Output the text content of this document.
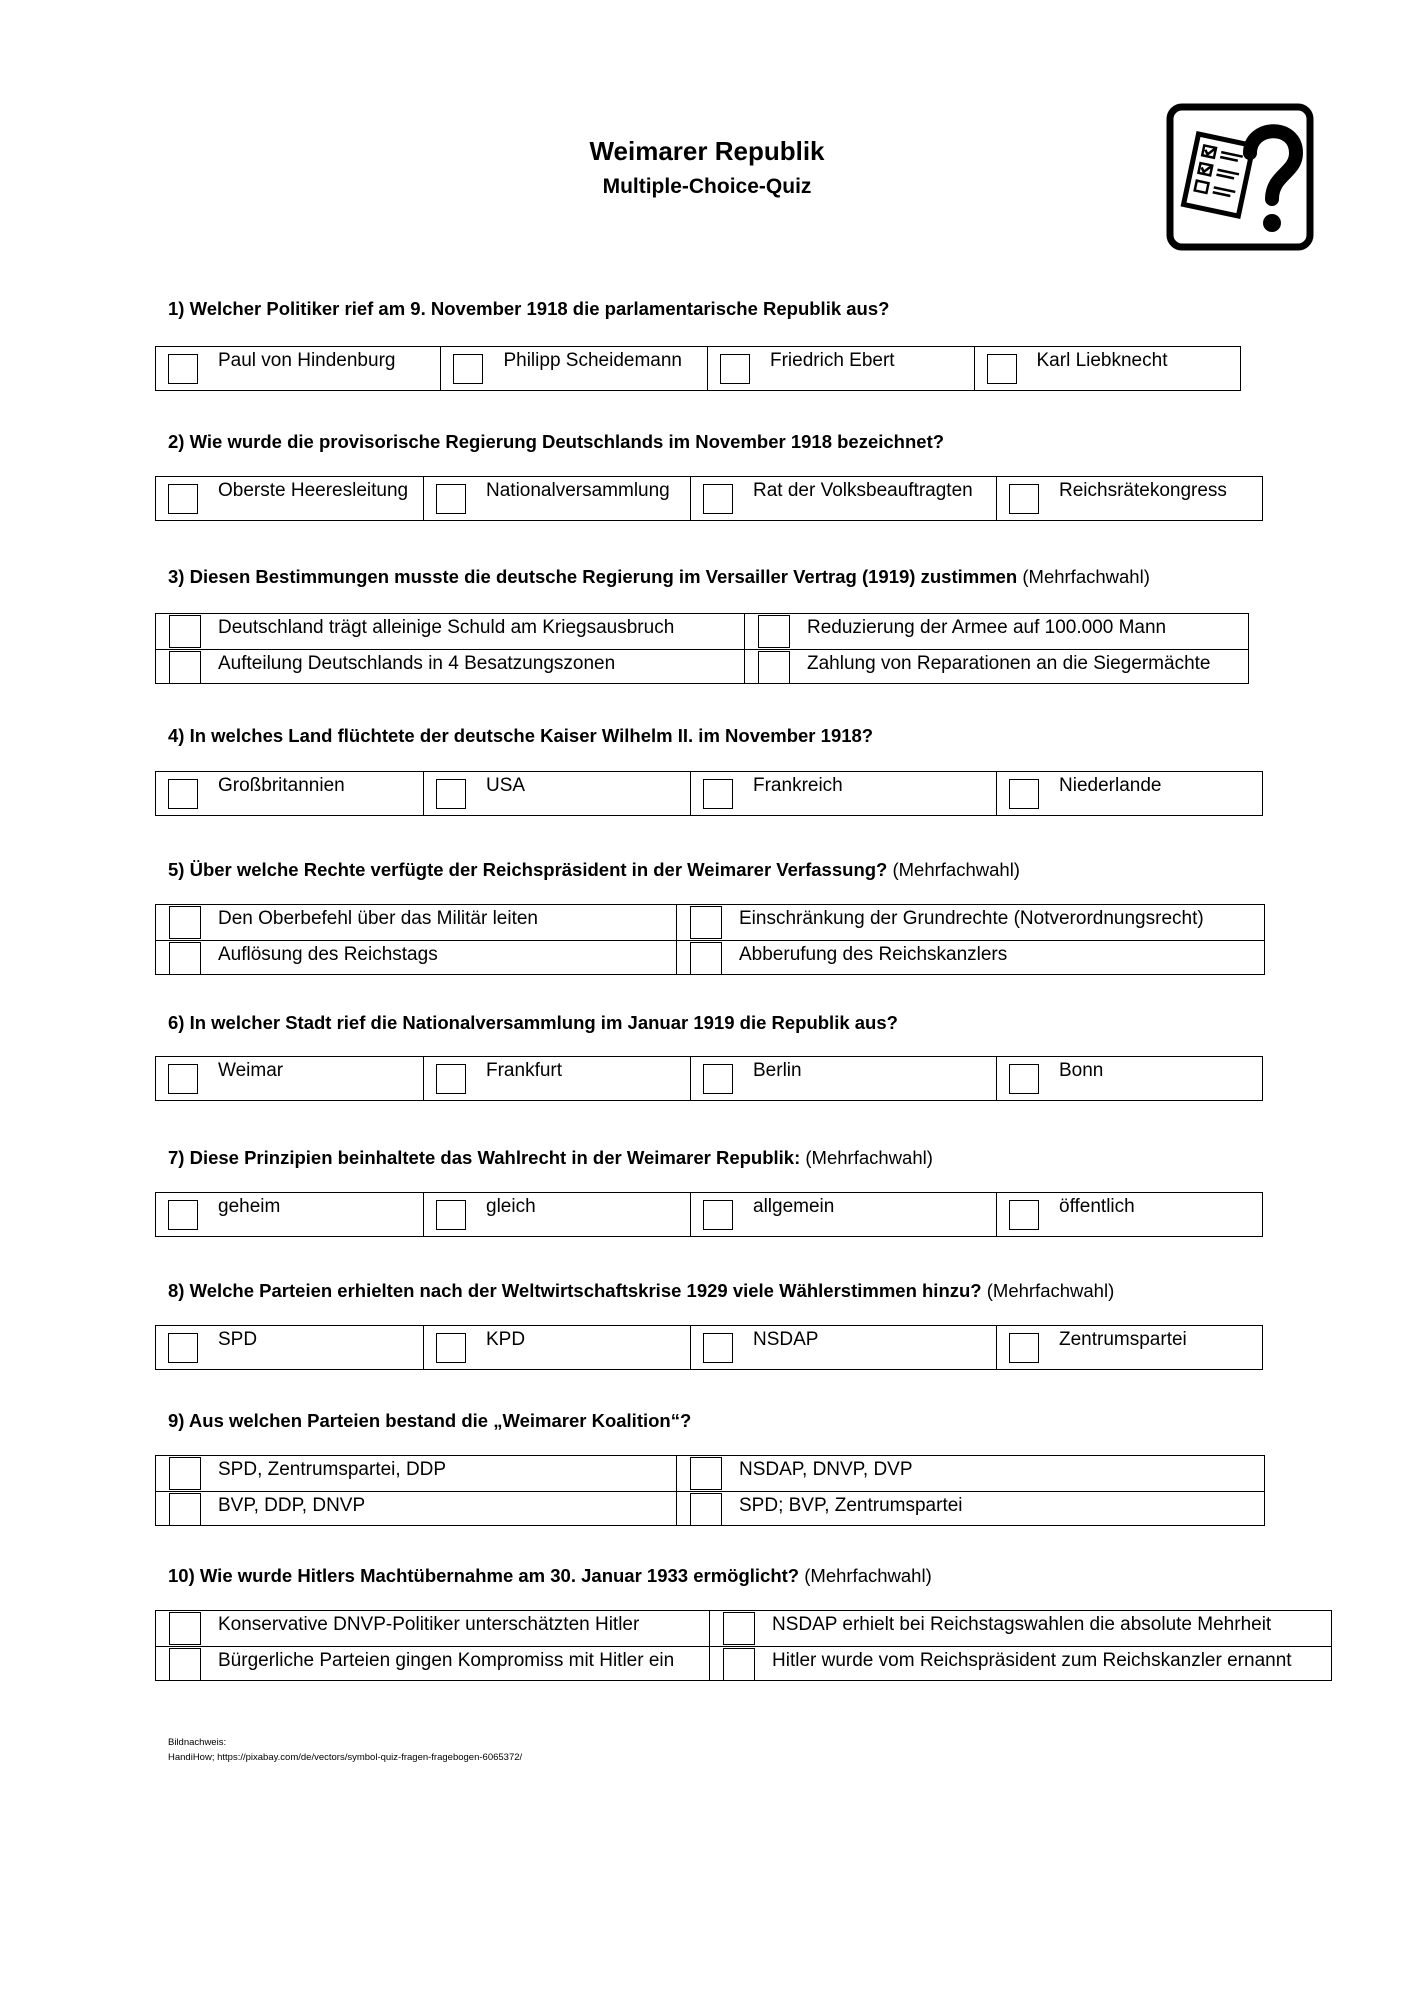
Weimarer Republik
Multiple-Choice-Quiz
1) Welcher Politiker rief am 9. November 1918 die parlamentarische Republik aus?
Paul von Hindenburg	Philipp Scheidemann	Friedrich Ebert	Karl Liebknecht
2) Wie wurde die provisorische Regierung Deutschlands im November 1918 bezeichnet?
Oberste Heeresleitung	Nationalversammlung	Rat der Volksbeauftragten	Reichsrätekongress
3) Diesen Bestimmungen musste die deutsche Regierung im Versailler Vertrag (1919) zustimmen (Mehrfachwahl)
Deutschland trägt alleinige Schuld am Kriegsausbruch	Reduzierung der Armee auf 100.000 Mann
Aufteilung Deutschlands in 4 Besatzungszonen	Zahlung von Reparationen an die Siegermächte
4) In welches Land flüchtete der deutsche Kaiser Wilhelm II. im November 1918?
Großbritannien	USA	Frankreich	Niederlande
5) Über welche Rechte verfügte der Reichspräsident in der Weimarer Verfassung? (Mehrfachwahl)
Den Oberbefehl über das Militär leiten	Einschränkung der Grundrechte (Notverordnungsrecht)
Auflösung des Reichstags	Abberufung des Reichskanzlers
6) In welcher Stadt rief die Nationalversammlung im Januar 1919 die Republik aus?
Weimar	Frankfurt	Berlin	Bonn
7) Diese Prinzipien beinhaltete das Wahlrecht in der Weimarer Republik: (Mehrfachwahl)
geheim	gleich	allgemein	öffentlich
8) Welche Parteien erhielten nach der Weltwirtschaftskrise 1929 viele Wählerstimmen hinzu? (Mehrfachwahl)
SPD	KPD	NSDAP	Zentrumspartei
9) Aus welchen Parteien bestand die „Weimarer Koalition“?
SPD, Zentrumspartei, DDP	NSDAP, DNVP, DVP
BVP, DDP, DNVP	SPD; BVP, Zentrumspartei
10) Wie wurde Hitlers Machtübernahme am 30. Januar 1933 ermöglicht? (Mehrfachwahl)
Konservative DNVP-Politiker unterschätzten Hitler	NSDAP erhielt bei Reichstagswahlen die absolute Mehrheit
Bürgerliche Parteien gingen Kompromiss mit Hitler ein	Hitler wurde vom Reichspräsident zum Reichskanzler ernannt
Bildnachweis:
HandiHow; https://pixabay.com/de/vectors/symbol-quiz-fragen-fragebogen-6065372/
